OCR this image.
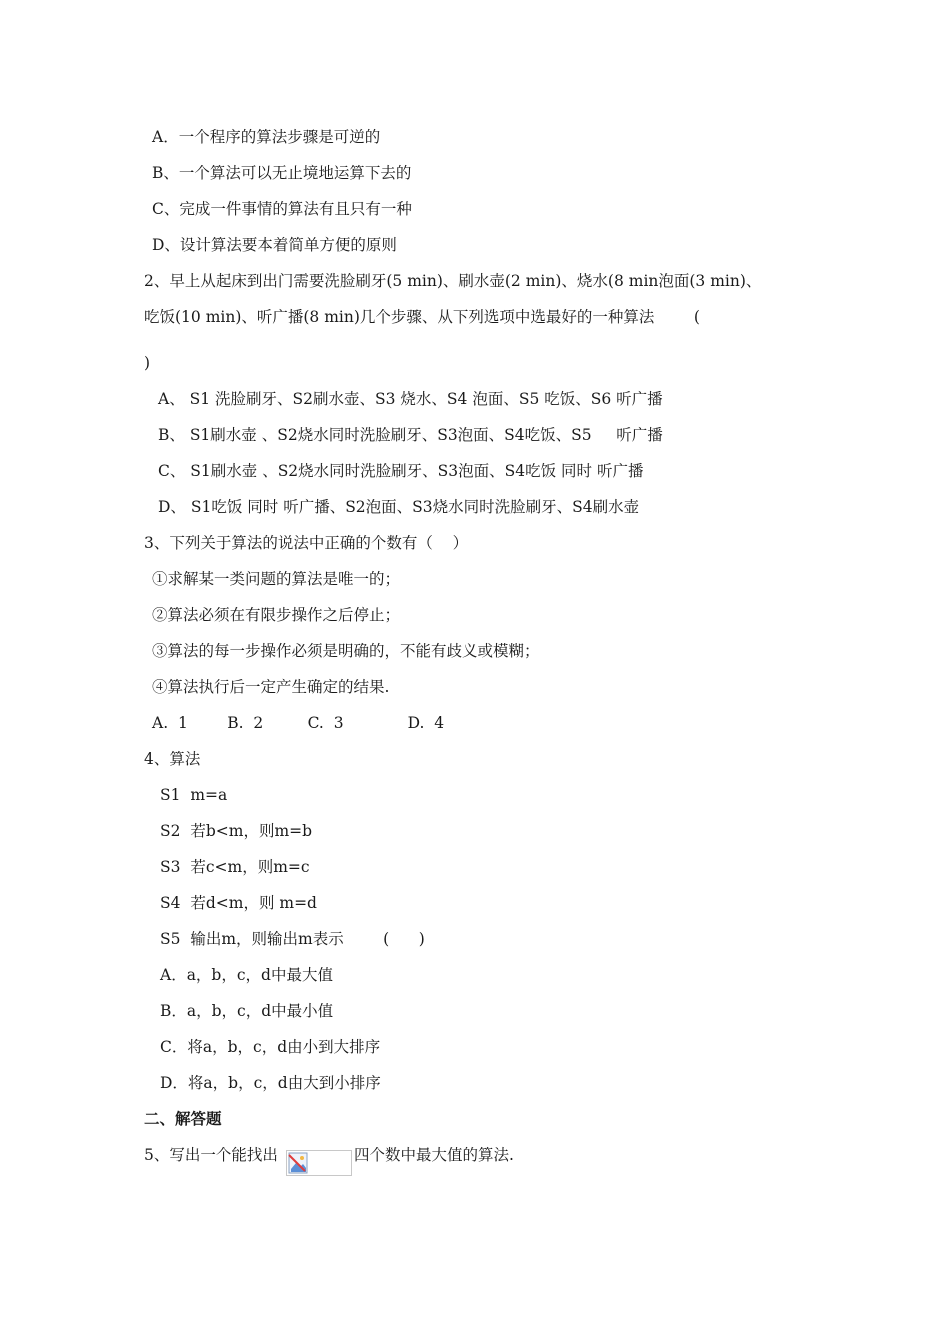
A．一个程序的算法步骤是可逆的
B、一个算法可以无止境地运算下去的
C、完成一件事情的算法有且只有一种
D、设计算法要本着简单方便的原则
2、早上从起床到出门需要洗脸刷牙(5 min)、刷水壶(2 min)、烧水(8 min泡面(3 min)、
吃饭(10 min)、听广播(8 min)几个步骤、从下列选项中选最好的一种算法        (
)
A、 S1 洗脸刷牙、S2刷水壶、S3 烧水、S4 泡面、S5 吃饭、S6 听广播
B、 S1刷水壶 、S2烧水同时洗脸刷牙、S3泡面、S4吃饭、S5     听广播
C、 S1刷水壶 、S2烧水同时洗脸刷牙、S3泡面、S4吃饭 同时 听广播
D、 S1吃饭 同时 听广播、S2泡面、S3烧水同时洗脸刷牙、S4刷水壶
3、下列关于算法的说法中正确的个数有（    ）
①求解某一类问题的算法是唯一的；
②算法必须在有限步操作之后停止；
③算法的每一步操作必须是明确的，不能有歧义或模糊；
④算法执行后一定产生确定的结果.
A.  1        B.  2         C.  3             D.  4
4、算法
S1  m=a
S2  若b<m，则m=b
S3  若c<m，则m=c
S4  若d<m，则 m=d
S5  输出m，则输出m表示        (      )
A．a，b，c，d中最大值
B．a，b，c，d中最小值
C．将a，b，c，d由小到大排序
D．将a，b，c，d由大到小排序
二、解答题
5、写出一个能找出	四个数中最大值的算法.
